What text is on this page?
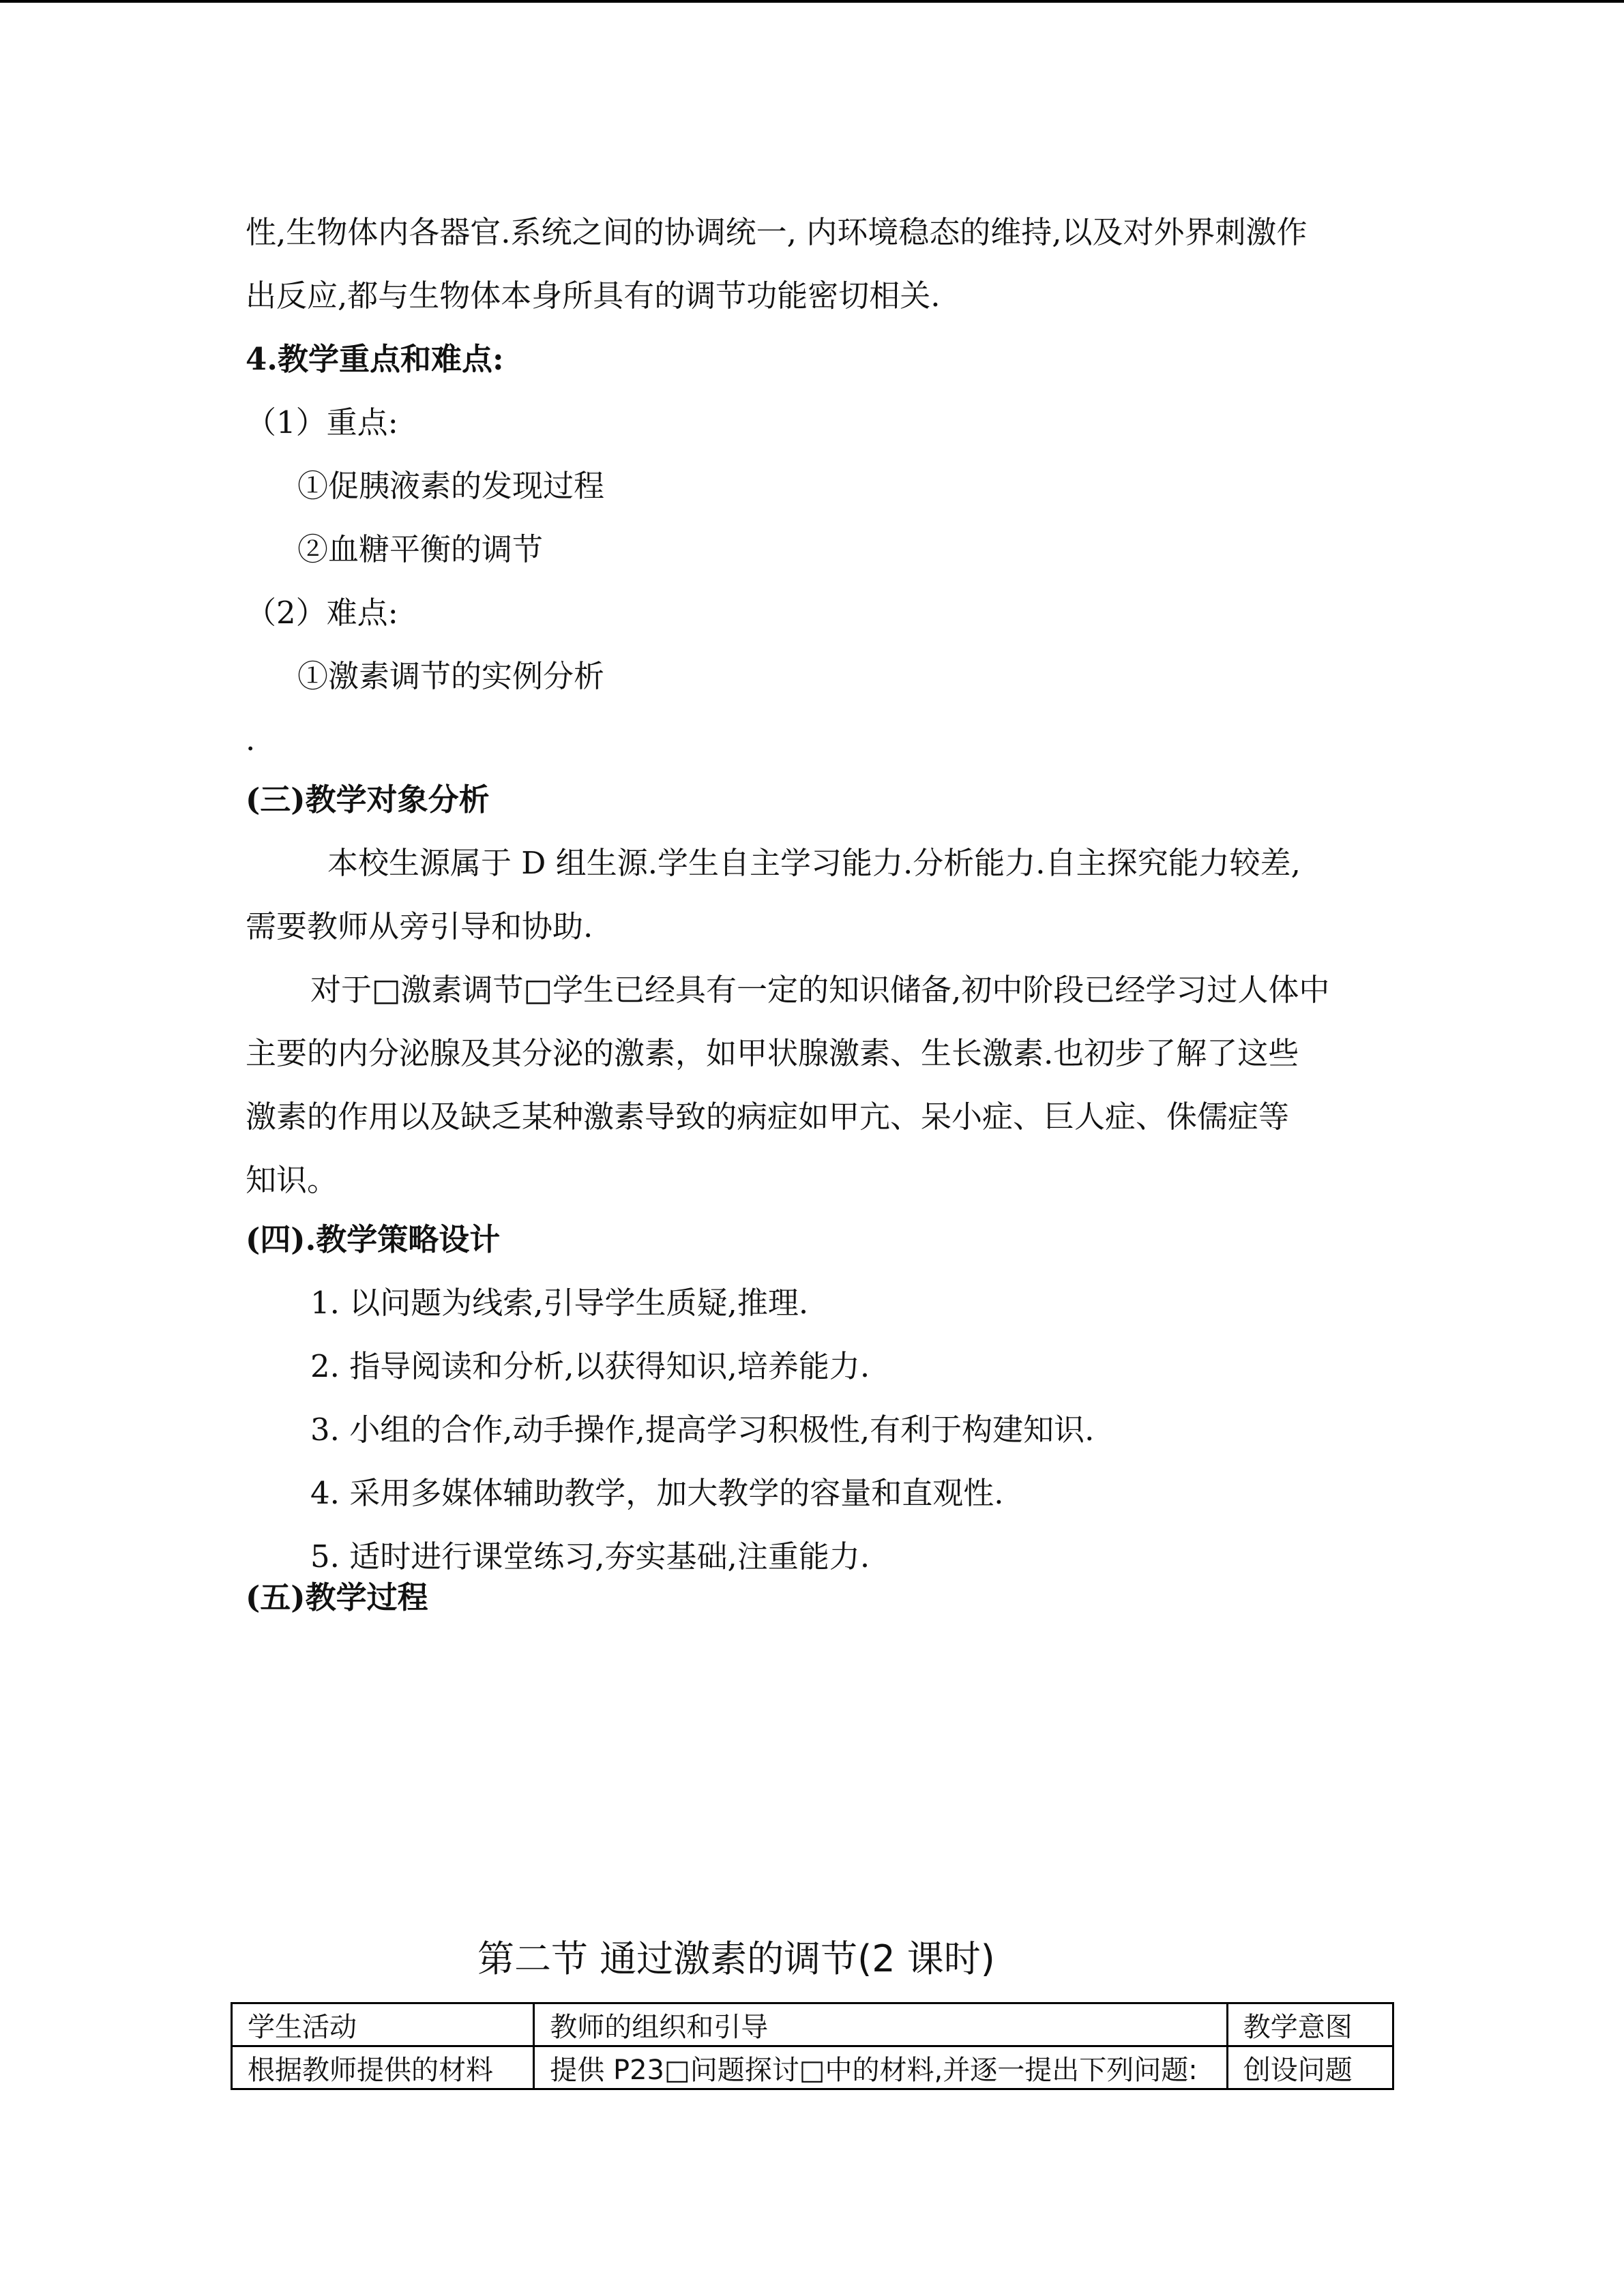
性,生物体内各器官.系统之间的协调统一, 内环境稳态的维持,以及对外界刺激作
出反应,都与生物体本身所具有的调节功能密切相关.
4.教学重点和难点:
（1）重点:
①促胰液素的发现过程
②血糖平衡的调节
（2）难点:
①激素调节的实例分析
.
(三)教学对象分析
本校生源属于 D 组生源.学生自主学习能力.分析能力.自主探究能力较差,
需要教师从旁引导和协助.
对于□激素调节□学生已经具有一定的知识储备,初中阶段已经学习过人体中
主要的内分泌腺及其分泌的激素，如甲状腺激素、生长激素.也初步了解了这些
激素的作用以及缺乏某种激素导致的病症如甲亢、呆小症、巨人症、侏儒症等
知识。
(四).教学策略设计
1. 以问题为线索,引导学生质疑,推理.
2. 指导阅读和分析,以获得知识,培养能力.
3. 小组的合作,动手操作,提高学习积极性,有利于构建知识.
4. 采用多媒体辅助教学，加大教学的容量和直观性.
5. 适时进行课堂练习,夯实基础,注重能力.
(五)教学过程
第二节 通过激素的调节(2 课时)
学生活动	教师的组织和引导	教学意图
根据教师提供的材料	提供 P23□问题探讨□中的材料,并逐一提出下列问题:	创设问题
